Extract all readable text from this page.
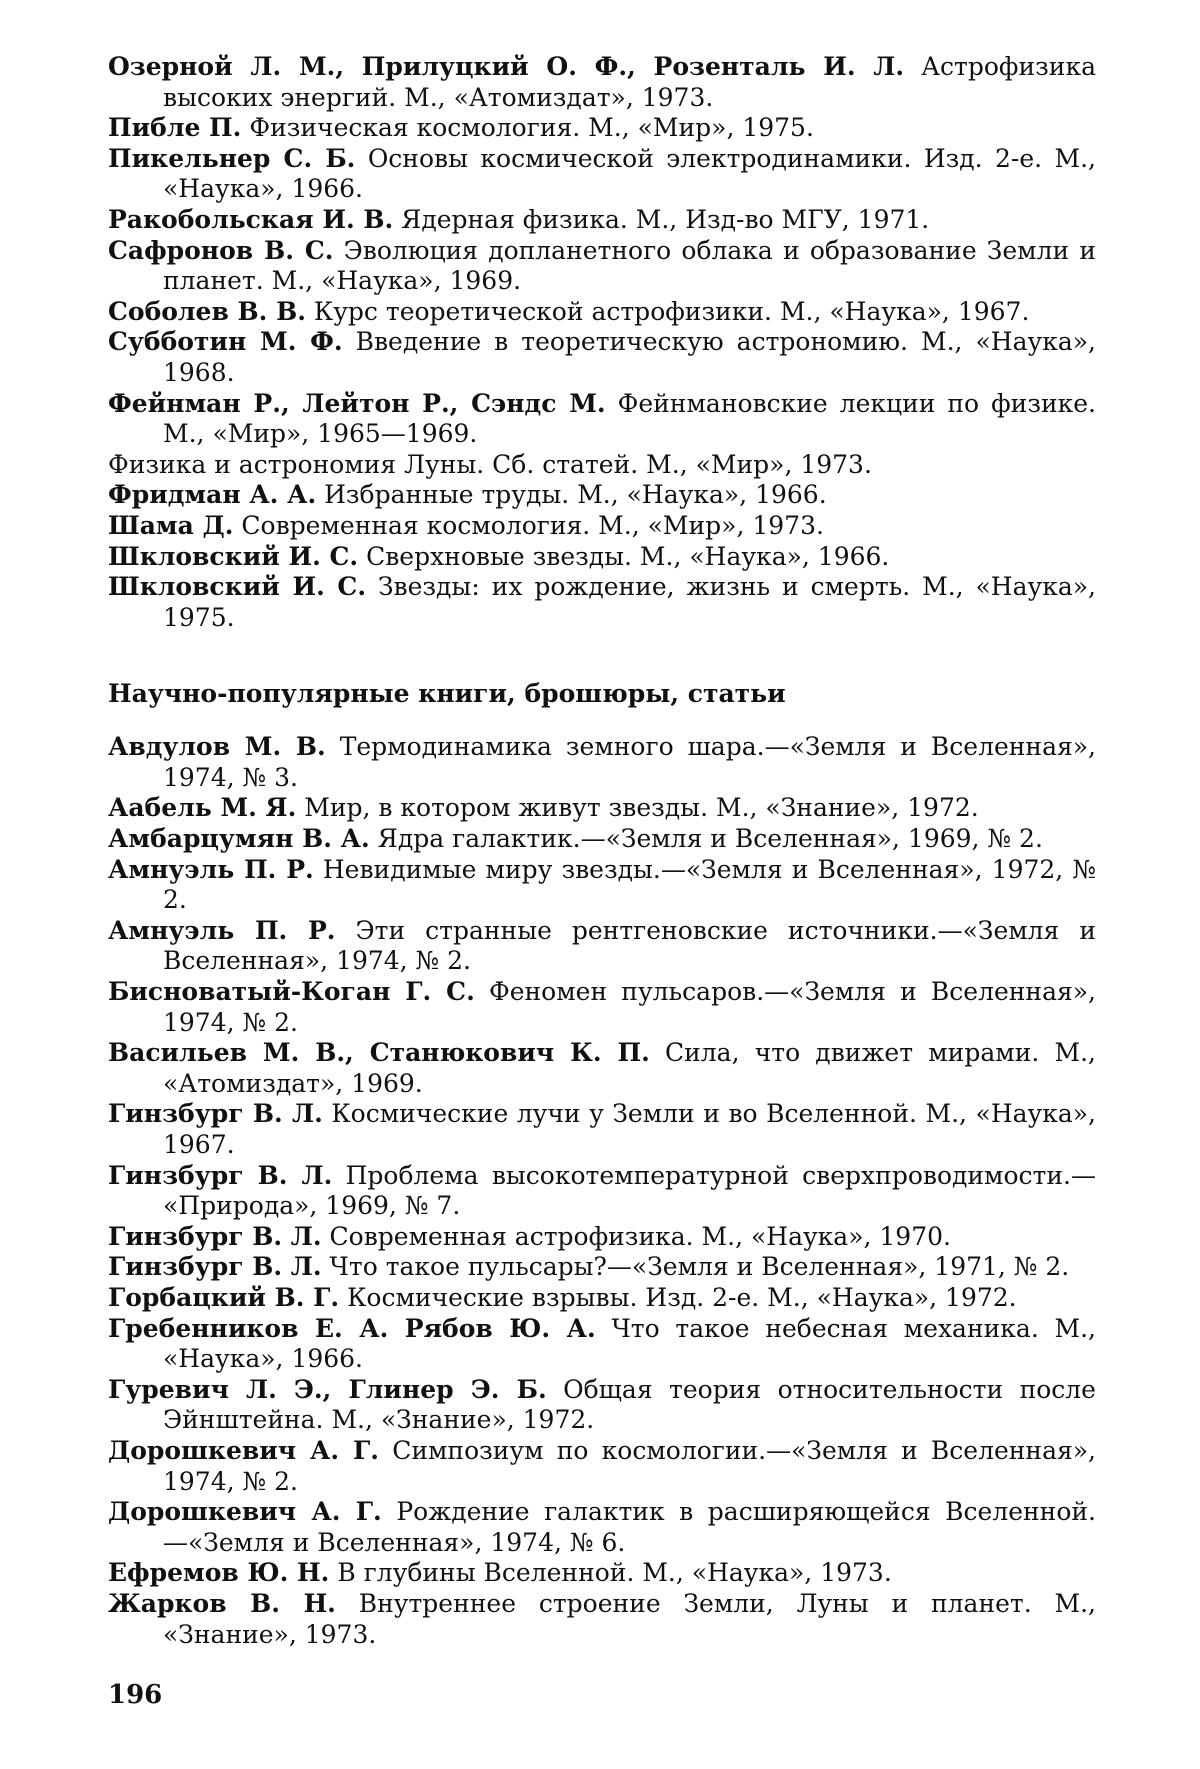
Озерной Л. М., Прилуцкий О. Ф., Розенталь И. Л. Астрофизика высоких энергий. М., «Атомиздат», 1973.

Пибле П. Физическая космология. М., «Мир», 1975.

Пикельнер С. Б. Основы космической электродинамики. Изд. 2-е. М., «Наука», 1966.

Ракобольская И. В. Ядерная физика. М., Изд-во МГУ, 1971.

Сафронов В. С. Эволюция допланетного облака и образование Земли и планет. М., «Наука», 1969.

Соболев В. В. Курс теоретической астрофизики. М., «Наука», 1967.

Субботин М. Ф. Введение в теоретическую астрономию. М., «Наука», 1968.

Фейнман Р., Лейтон Р., Сэндс М. Фейнмановские лекции по физике. М., «Мир», 1965—1969.

Физика и астрономия Луны. Сб. статей. М., «Мир», 1973.

Фридман А. А. Избранные труды. М., «Наука», 1966.

Шама Д. Современная космология. М., «Мир», 1973.

Шкловский И. С. Сверхновые звезды. М., «Наука», 1966.

Шкловский И. С. Звезды: их рождение, жизнь и смерть. М., «Наука», 1975.

Научно-популярные книги, брошюры, статьи

Авдулов М. В. Термодинамика земного шара.—«Земля и Вселенная», 1974, № 3.

Аабель М. Я. Мир, в котором живут звезды. М., «Знание», 1972.

Амбарцумян В. А. Ядра галактик.—«Земля и Вселенная», 1969, № 2.

Амнуэль П. Р. Невидимые миру звезды.—«Земля и Вселенная», 1972, № 2.

Амнуэль П. Р. Эти странные рентгеновские источники.—«Земля и Вселенная», 1974, № 2.

Бисноватый-Коган Г. С. Феномен пульсаров.—«Земля и Вселенная», 1974, № 2.

Васильев М. В., Станюкович К. П. Сила, что движет мирами. М., «Атомиздат», 1969.

Гинзбург В. Л. Космические лучи у Земли и во Вселенной. М., «Наука», 1967.

Гинзбург В. Л. Проблема высокотемпературной сверхпроводимости.— «Природа», 1969, № 7.

Гинзбург В. Л. Современная астрофизика. М., «Наука», 1970.

Гинзбург В. Л. Что такое пульсары?—«Земля и Вселенная», 1971, № 2.

Горбацкий В. Г. Космические взрывы. Изд. 2-е. М., «Наука», 1972.

Гребенников Е. А. Рябов Ю. А. Что такое небесная механика. М., «Наука», 1966.

Гуревич Л. Э., Глинер Э. Б. Общая теория относительности после Эйнштейна. М., «Знание», 1972.

Дорошкевич А. Г. Симпозиум по космологии.—«Земля и Вселенная», 1974, № 2.

Дорошкевич А. Г. Рождение галактик в расширяющейся Вселенной.—«Земля и Вселенная», 1974, № 6.

Ефремов Ю. Н. В глубины Вселенной. М., «Наука», 1973.

Жарков В. Н. Внутреннее строение Земли, Луны и планет. М., «Знание», 1973.

196
